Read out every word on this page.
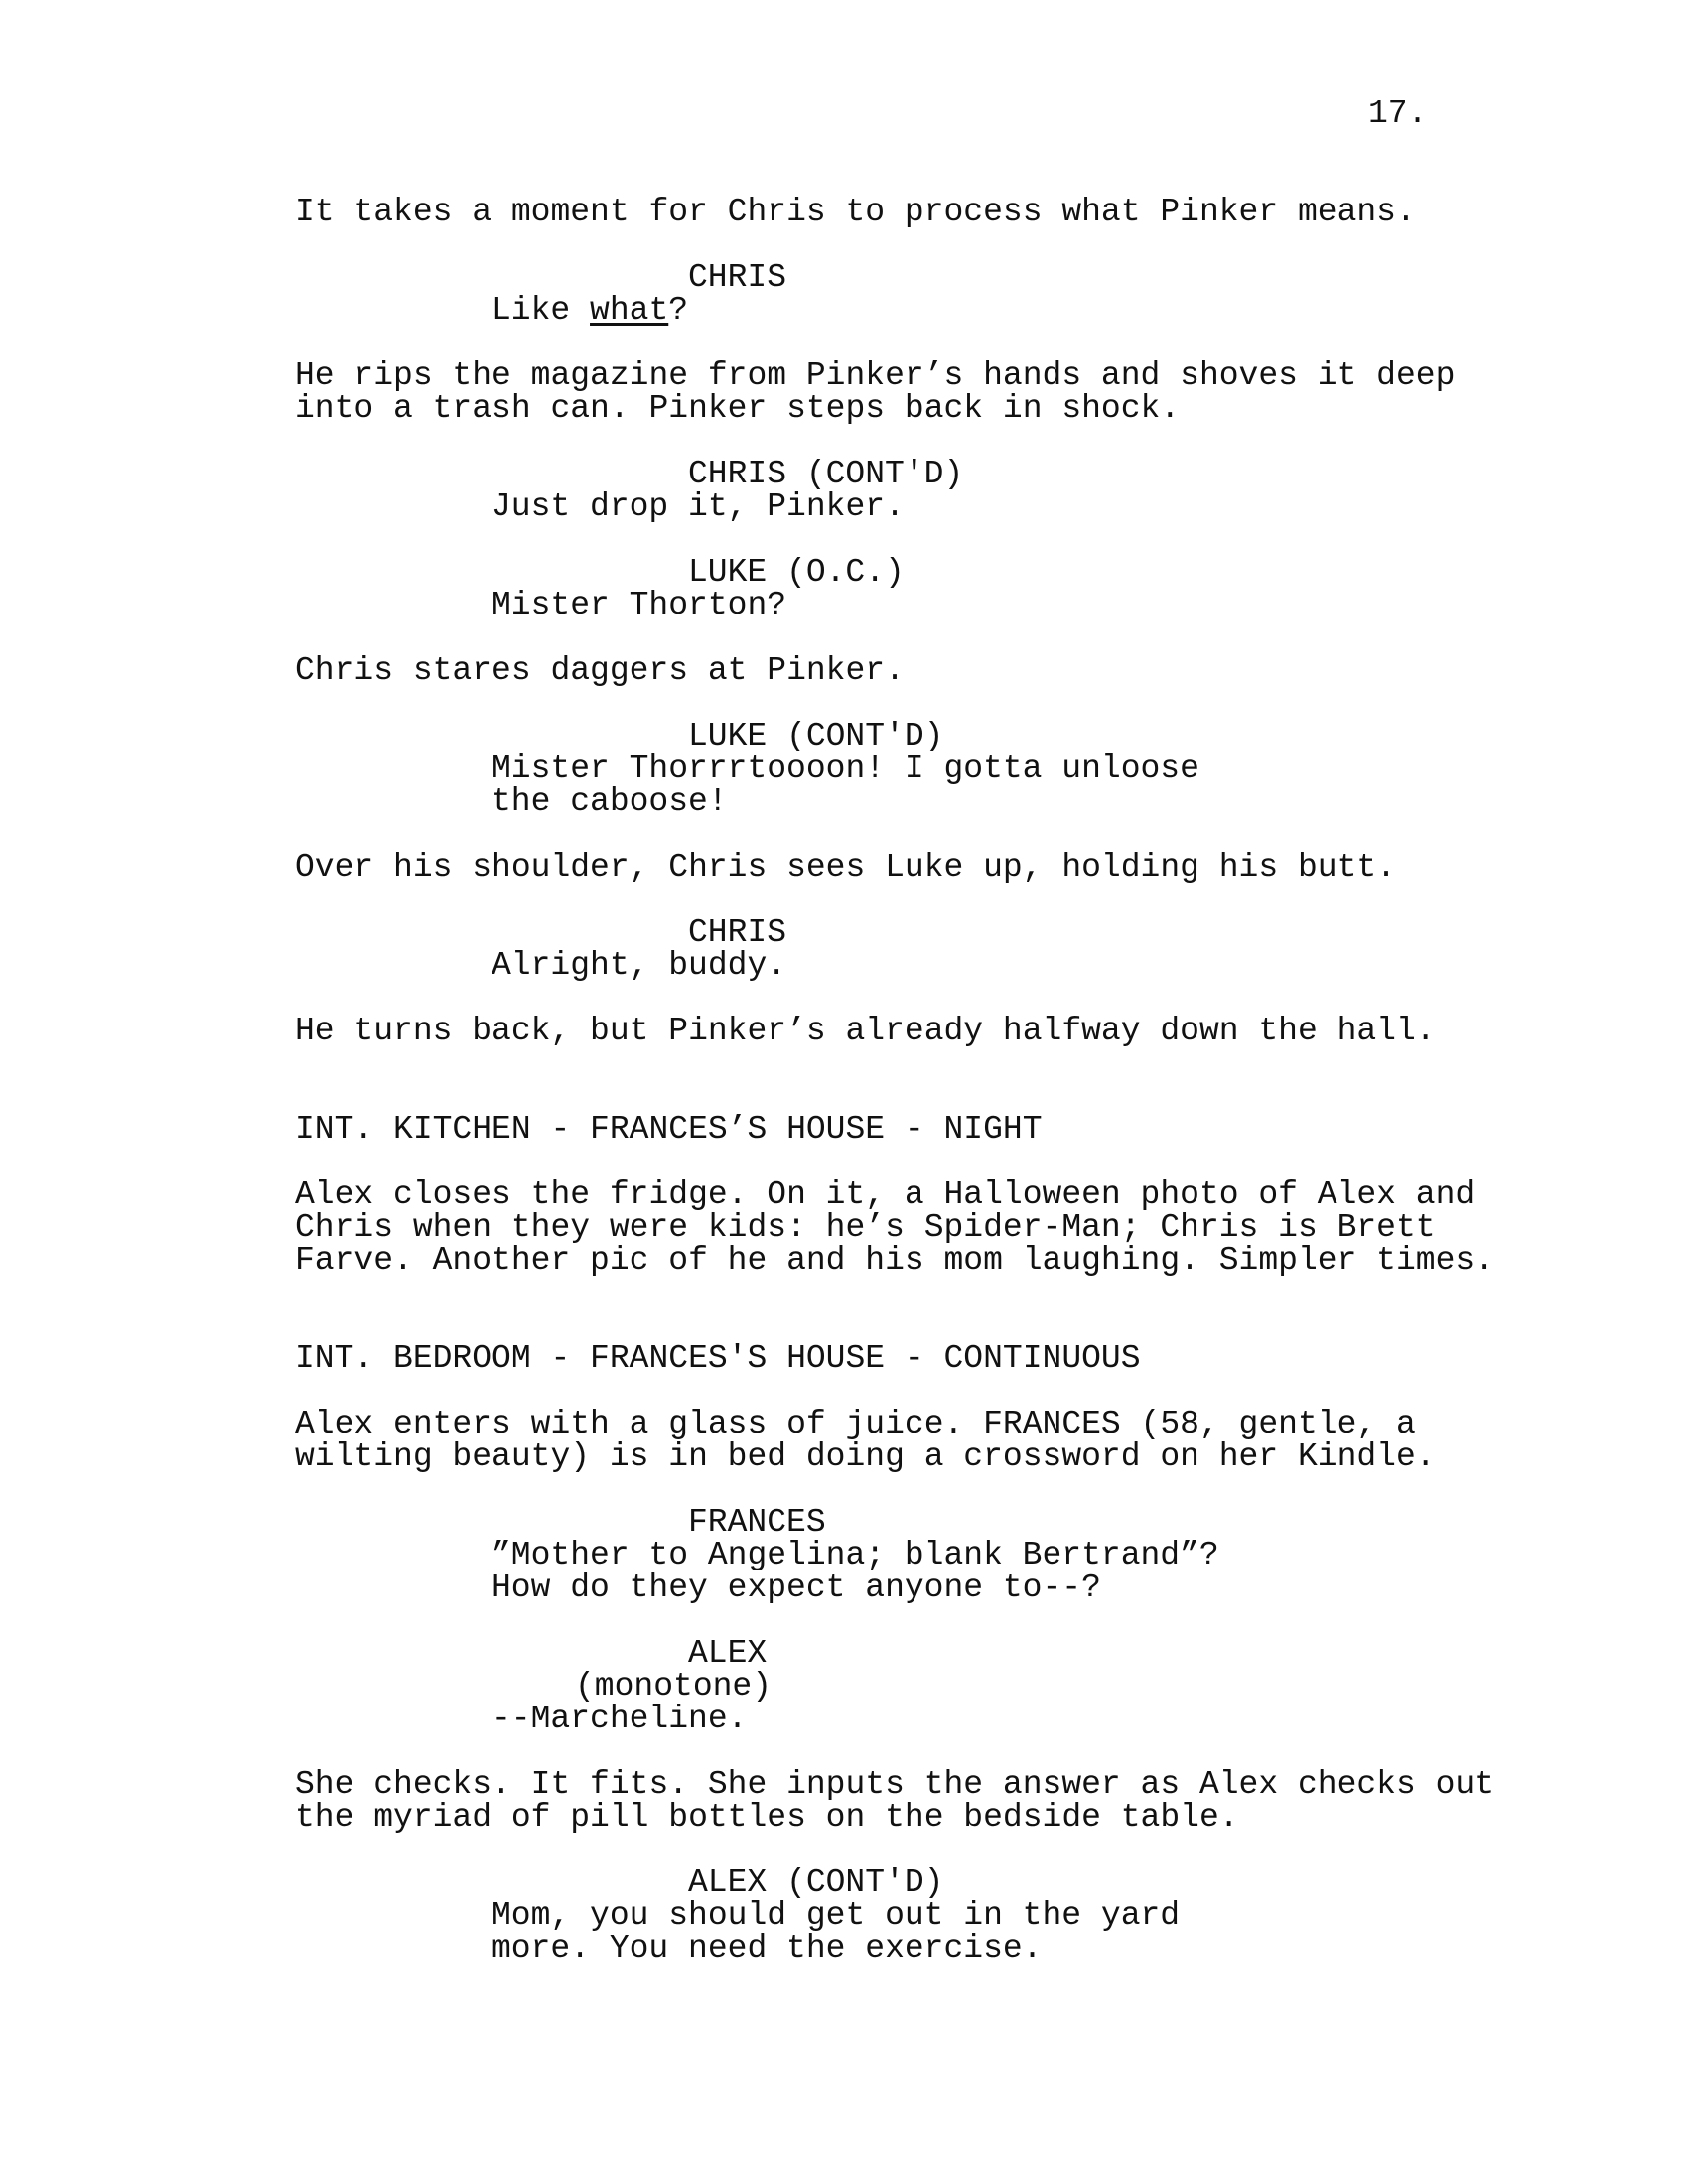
17.
It takes a moment for Chris to process what Pinker means.
CHRIS
Like what?
He rips the magazine from Pinker’s hands and shoves it deep
into a trash can. Pinker steps back in shock.
CHRIS (CONT'D)
Just drop it, Pinker.
LUKE (O.C.)
Mister Thorton?
Chris stares daggers at Pinker.
LUKE (CONT'D)
Mister Thorrrtoooon! I gotta unloose
the caboose!
Over his shoulder, Chris sees Luke up, holding his butt.
CHRIS
Alright, buddy.
He turns back, but Pinker’s already halfway down the hall.
INT. KITCHEN - FRANCES’S HOUSE - NIGHT
Alex closes the fridge. On it, a Halloween photo of Alex and
Chris when they were kids: he’s Spider-Man; Chris is Brett
Farve. Another pic of he and his mom laughing. Simpler times.
INT. BEDROOM - FRANCES'S HOUSE - CONTINUOUS
Alex enters with a glass of juice. FRANCES (58, gentle, a
wilting beauty) is in bed doing a crossword on her Kindle.
FRANCES
”Mother to Angelina; blank Bertrand”?
How do they expect anyone to--?
ALEX
(monotone)
--Marcheline.
She checks. It fits. She inputs the answer as Alex checks out
the myriad of pill bottles on the bedside table.
ALEX (CONT'D)
Mom, you should get out in the yard
more. You need the exercise.
